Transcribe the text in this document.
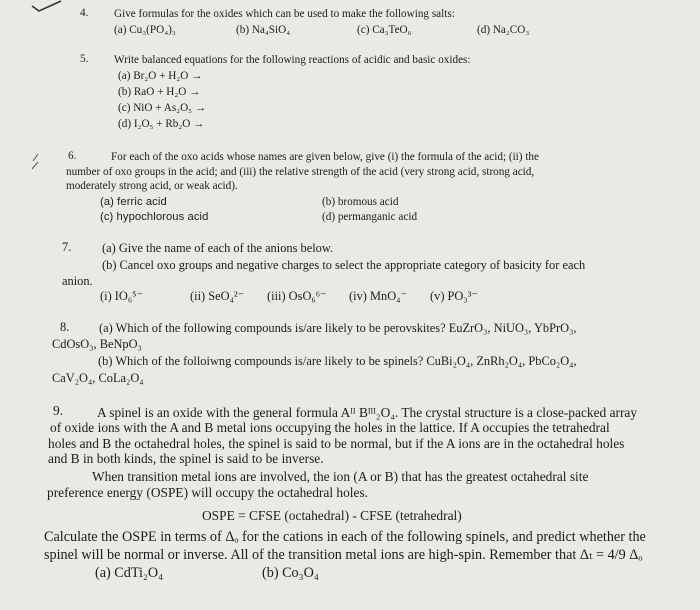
4. Give formulas for the oxides which can be used to make the following salts:
(a) Cu₃(PO₄)₃	(b) Na₄SiO₄	(c) Ca₃TeO₆	(d) Na₂CO₃
5. Write balanced equations for the following reactions of acidic and basic oxides:
(a) Br₂O + H₂O →
(b) RaO + H₂O →
(c) NiO + As₂O₅ →
(d) I₂O₅ + Rb₂O →
6.	For each of the oxo acids whose names are given below, give (i) the formula of the acid; (ii) the
number of oxo groups in the acid; and (iii) the relative strength of the acid (very strong acid, strong acid,
moderately strong acid, or weak acid).
(a) ferric acid	(b) bromous acid
(c) hypochlorous acid	(d) permanganic acid
7. (a) Give the name of each of the anions below.
(b) Cancel oxo groups and negative charges to select the appropriate category of basicity for each
anion.
(i) IO₆⁵⁻	(ii) SeO₄²⁻ (iii) OsO₆⁶⁻ (iv) MnO₄⁻ (v) PO₃³⁻
8. (a) Which of the following compounds is/are likely to be perovskites? EuZrO₃, NiUO₃, YbPrO₃,
CdOsO₃, BeNpO₃
(b) Which of the folloiwng compounds is/are likely to be spinels? CuBi₂O₄, ZnRh₂O₄, PbCo₂O₄,
CaV₂O₄, CoLa₂O₄
9.	A spinel is an oxide with the general formula Aᴵᴵ Bᴵᴵᴵ₂O₄. The crystal structure is a close-packed array
of oxide ions with the A and B metal ions occupying the holes in the lattice. If A occupies the tetrahedral
holes and B the octahedral holes, the spinel is said to be normal, but if the A ions are in the octahedral holes
and B in both kinds, the spinel is said to be inverse.
When transition metal ions are involved, the ion (A or B) that has the greatest octahedral site
preference energy (OSPE) will occupy the octahedral holes.
OSPE = CFSE (octahedral) - CFSE (tetrahedral)
Calculate the OSPE in terms of Δₒ for the cations in each of the following spinels, and predict whether the
spinel will be normal or inverse. All of the transition metal ions are high-spin. Remember that Δₜ = 4/9 Δₒ
(a) CdTi₂O₄	(b) Co₃O₄
